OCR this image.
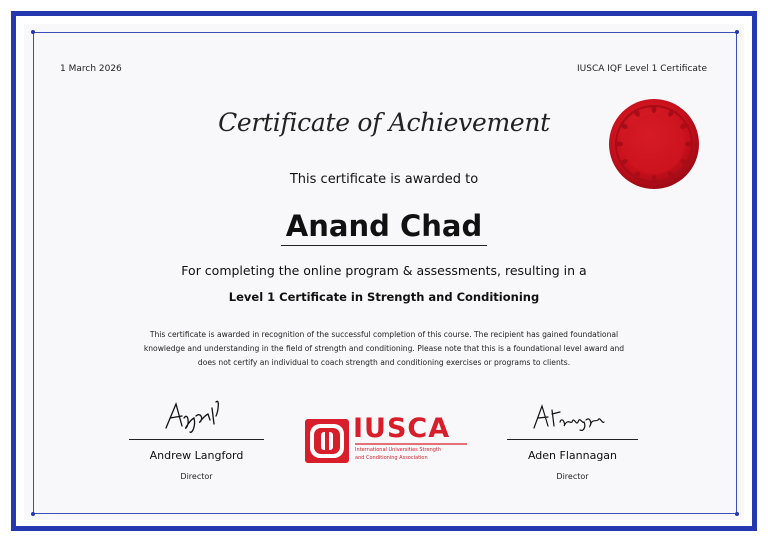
1 March 2026	IUSCA IQF Level 1 Certificate
Certificate of Achievement
This certificate is awarded to
Anand Chad
For completing the online program & assessments, resulting in a
Level 1 Certificate in Strength and Conditioning
This certificate is awarded in recognition of the successful completion of this course. The recipient has gained foundational knowledge and understanding in the field of strength and conditioning. Please note that this is a foundational level award and does not certify an individual to coach strength and conditioning exercises or programs to clients.
Andrew Langford
Director
Aden Flannagan
Director
IUSCA
International Universities Strength
and Conditioning Association
